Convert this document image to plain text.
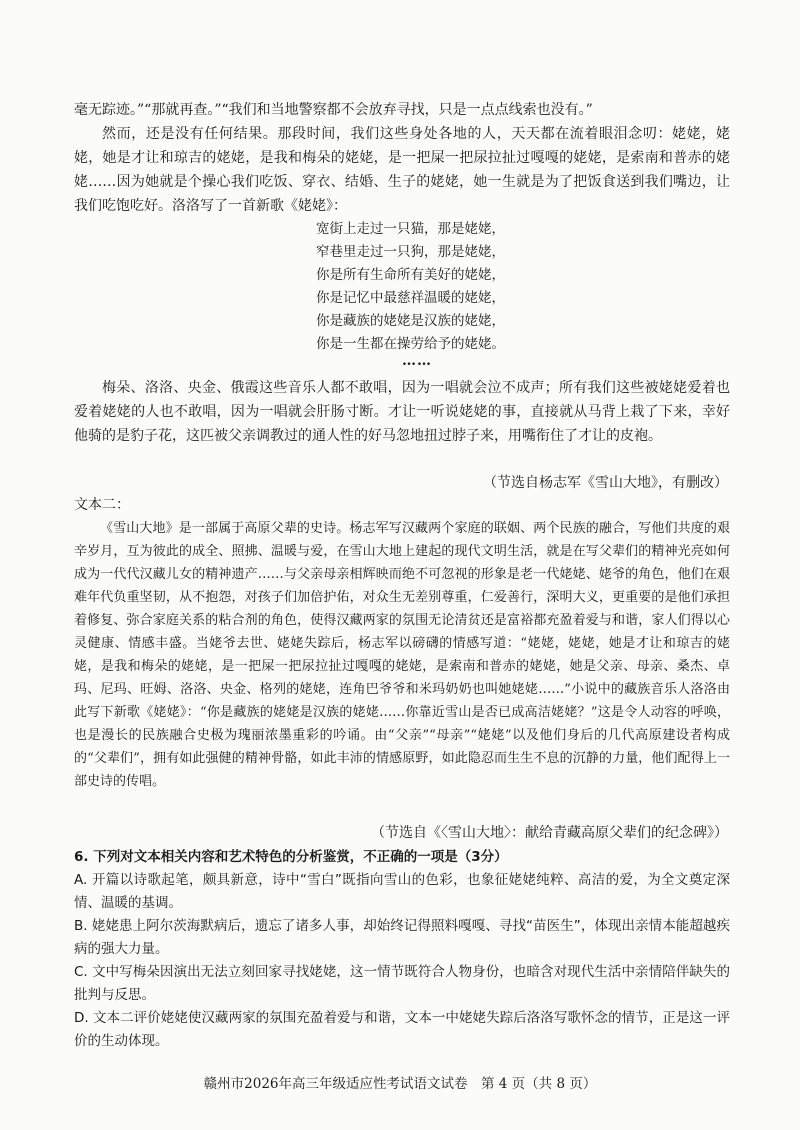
毫无踪迹。”“那就再查。”“我们和当地警察都不会放弃寻找，只是一点点线索也没有。”

然而，还是没有任何结果。那段时间，我们这些身处各地的人，天天都在流着眼泪念叨：姥姥，姥姥，她是才让和琼吉的姥姥，是我和梅朵的姥姥，是一把屎一把尿拉扯过嘎嘎的姥姥，是索南和普赤的姥姥……因为她就是个操心我们吃饭、穿衣、结婚、生子的姥姥，她一生就是为了把饭食送到我们嘴边，让我们吃饱吃好。洛洛写了一首新歌《姥姥》：

宽街上走过一只猫，那是姥姥，
窄巷里走过一只狗，那是姥姥，
你是所有生命所有美好的姥姥，
你是记忆中最慈祥温暖的姥姥，
你是藏族的姥姥是汉族的姥姥，
你是一生都在操劳给予的姥姥。
……

梅朵、洛洛、央金、俄霞这些音乐人都不敢唱，因为一唱就会泣不成声；所有我们这些被姥姥爱着也爱着姥姥的人也不敢唱，因为一唱就会肝肠寸断。才让一听说姥姥的事，直接就从马背上栽了下来，幸好他骑的是豹子花，这匹被父亲调教过的通人性的好马忽地扭过脖子来，用嘴衔住了才让的皮袍。

（节选自杨志军《雪山大地》，有删改）
文本二：

《雪山大地》是一部属于高原父辈的史诗。杨志军写汉藏两个家庭的联姻、两个民族的融合，写他们共度的艰辛岁月，互为彼此的成全、照拂、温暖与爱，在雪山大地上建起的现代文明生活，就是在写父辈们的精神光亮如何成为一代代汉藏儿女的精神遗产……与父亲母亲相辉映而绝不可忽视的形象是老一代姥姥、姥爷的角色，他们在艰难年代负重坚韧，从不抱怨，对孩子们加倍护佑，对众生无差别尊重，仁爱善行，深明大义，更重要的是他们承担着修复、弥合家庭关系的粘合剂的角色，使得汉藏两家的氛围无论清贫还是富裕都充盈着爱与和谐，家人们得以心灵健康、情感丰盛。当姥爷去世、姥姥失踪后，杨志军以磅礴的情感写道：“姥姥，姥姥，她是才让和琼吉的姥姥，是我和梅朵的姥姥，是一把屎一把尿拉扯过嘎嘎的姥姥，是索南和普赤的姥姥，她是父亲、母亲、桑杰、卓玛、尼玛、旺姆、洛洛、央金、格列的姥姥，连角巴爷爷和米玛奶奶也叫她姥姥……”小说中的藏族音乐人洛洛由此写下新歌《姥姥》：“你是藏族的姥姥是汉族的姥姥……你靠近雪山是否已成高洁姥姥？”这是令人动容的呼唤，也是漫长的民族融合史极为瑰丽浓墨重彩的吟诵。由“父亲”“母亲”“姥姥”以及他们身后的几代高原建设者构成的“父辈们”，拥有如此强健的精神骨骼，如此丰沛的情感原野，如此隐忍而生生不息的沉静的力量，他们配得上一部史诗的传唱。

（节选自《〈雪山大地〉：献给青藏高原父辈们的纪念碑》）

6. 下列对文本相关内容和艺术特色的分析鉴赏，不正确的一项是（3分）

A. 开篇以诗歌起笔，颇具新意，诗中“雪白”既指向雪山的色彩，也象征姥姥纯粹、高洁的爱，为全文奠定深情、温暖的基调。

B. 姥姥患上阿尔茨海默病后，遗忘了诸多人事，却始终记得照料嘎嘎、寻找“苗医生”，体现出亲情本能超越疾病的强大力量。

C. 文中写梅朵因演出无法立刻回家寻找姥姥，这一情节既符合人物身份，也暗含对现代生活中亲情陪伴缺失的批判与反思。

D. 文本二评价姥姥使汉藏两家的氛围充盈着爱与和谐，文本一中姥姥失踪后洛洛写歌怀念的情节，正是这一评价的生动体现。

赣州市2026年高三年级适应性考试语文试卷　第 4 页（共 8 页）
